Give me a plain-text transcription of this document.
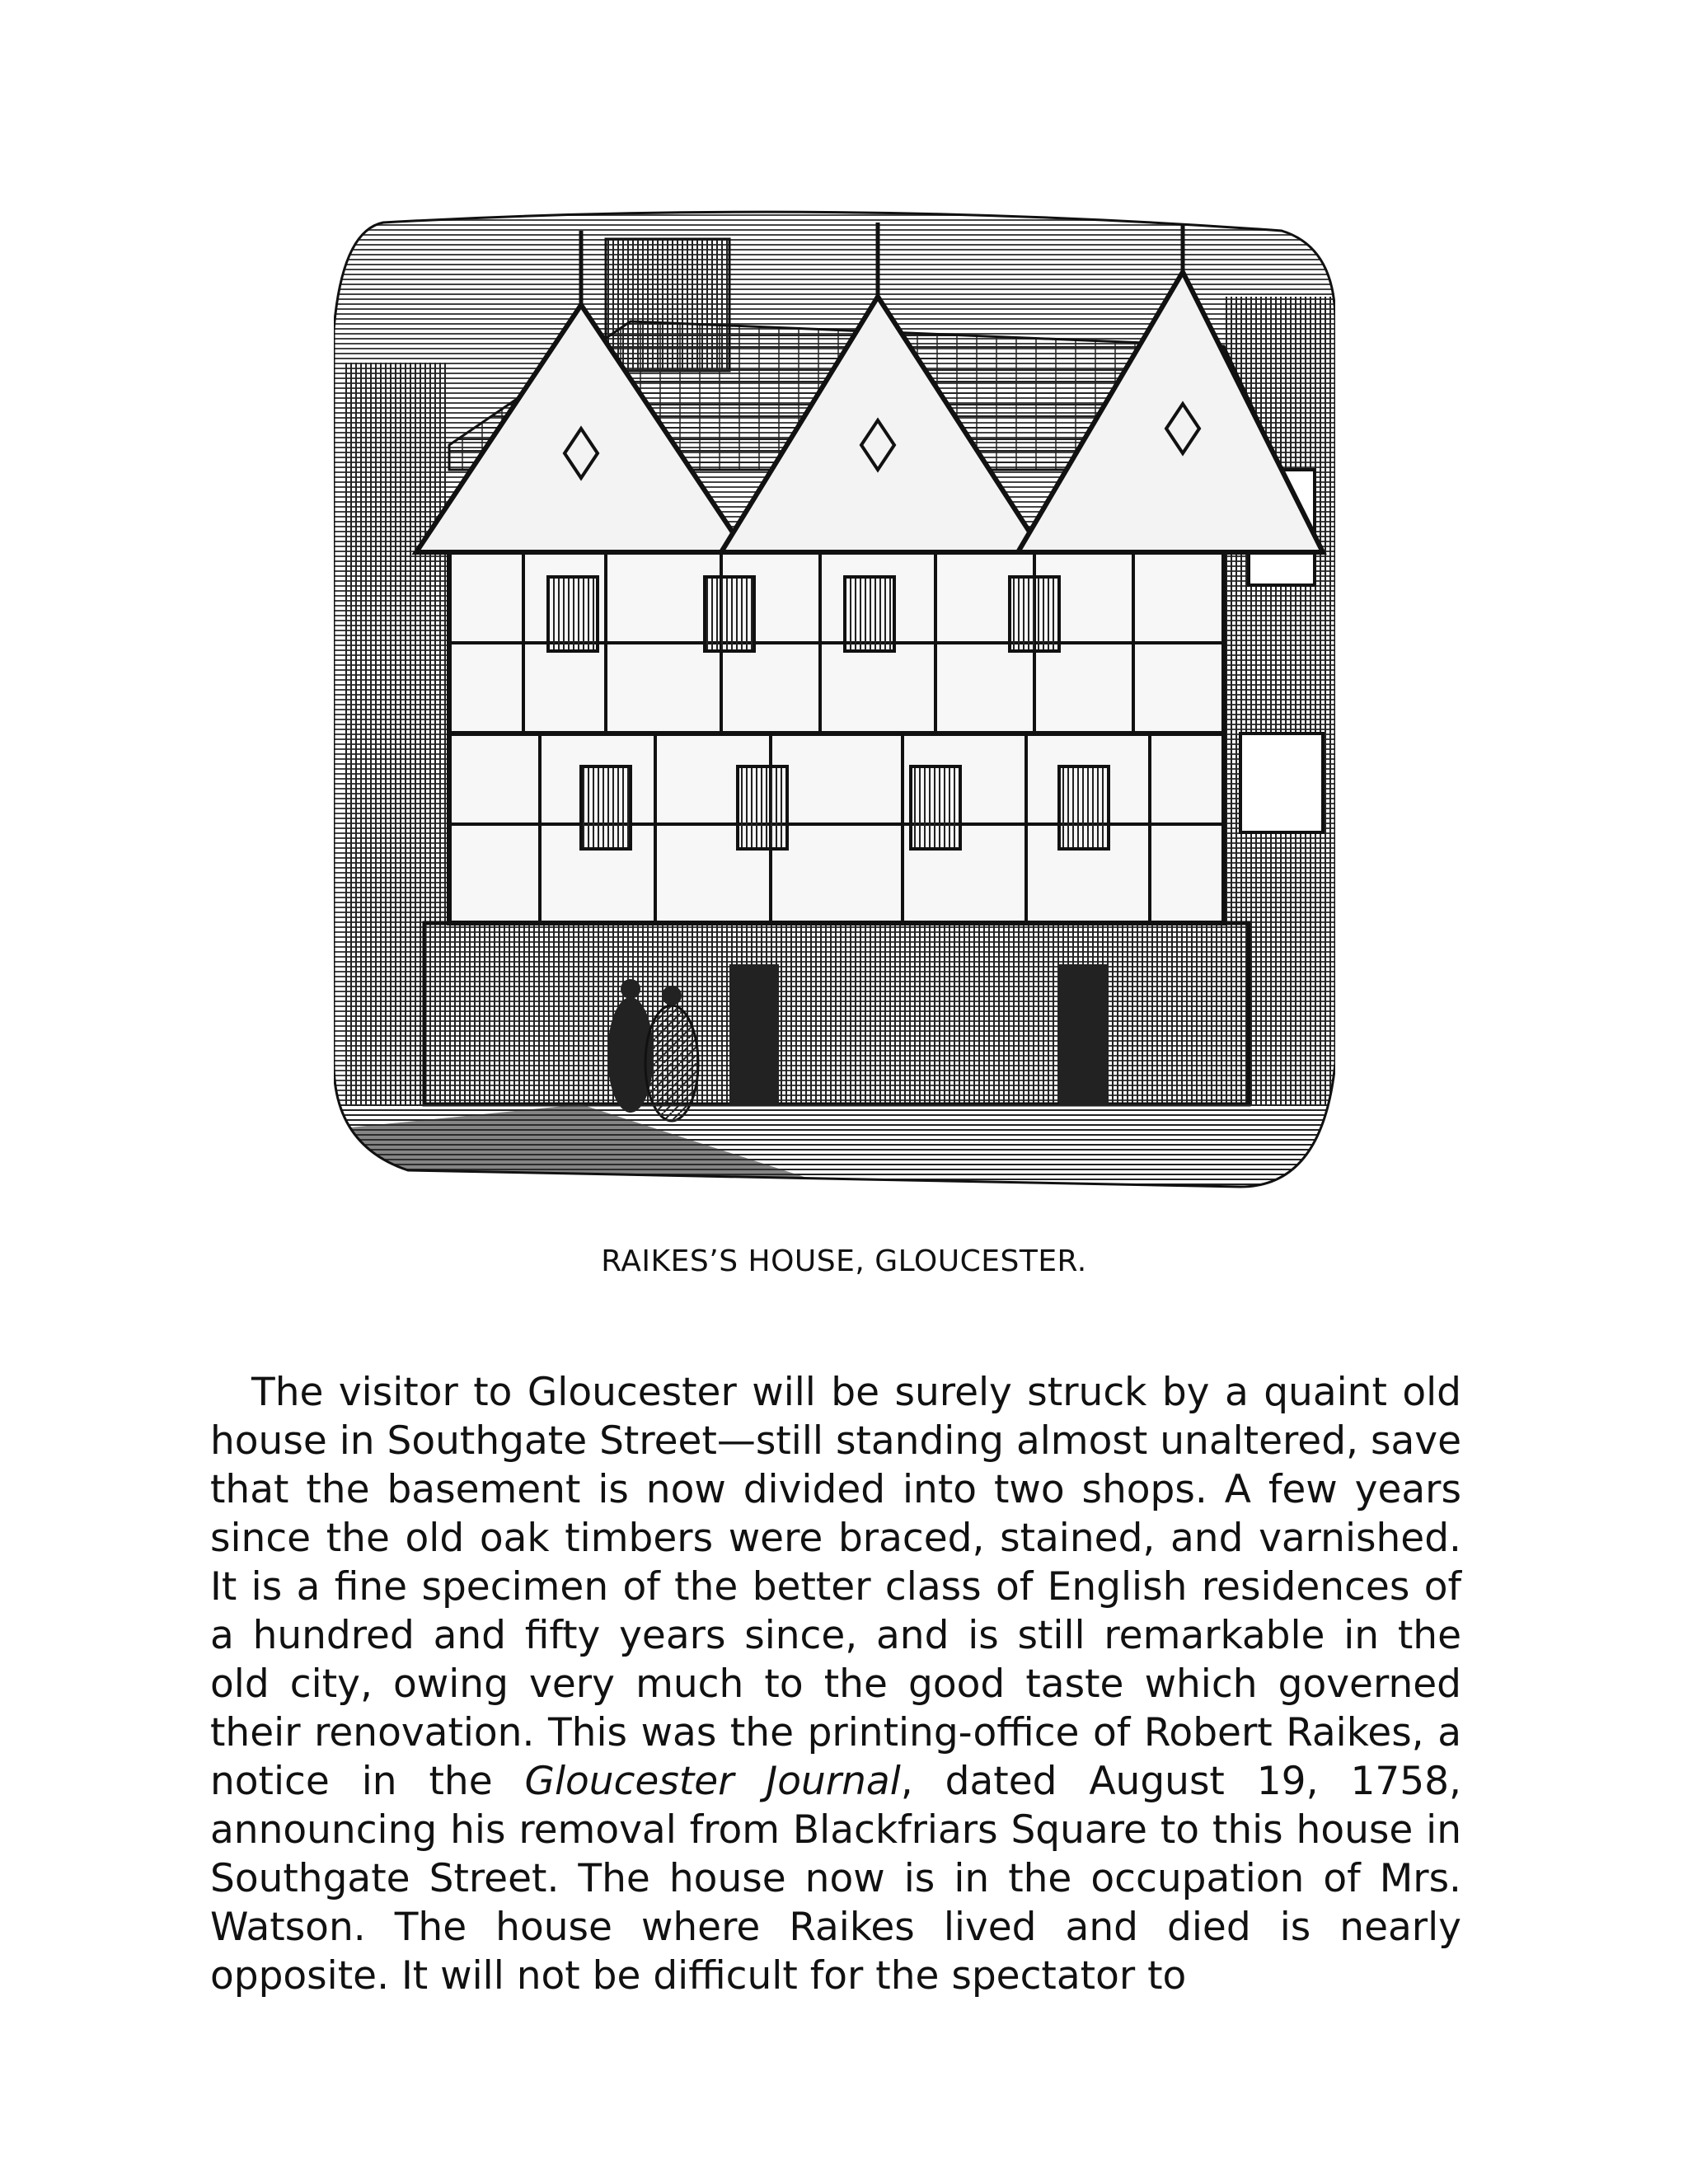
RAIKES’S HOUSE, GLOUCESTER.

The visitor to Gloucester will be surely struck by a quaint old house in Southgate Street—still standing almost unaltered, save that the basement is now divided into two shops. A few years since the old oak timbers were braced, stained, and varnished. It is a fine specimen of the better class of English residences of a hundred and fifty years since, and is still remarkable in the old city, owing very much to the good taste which governed their renovation. This was the printing-office of Robert Raikes, a notice in the Gloucester Journal, dated August 19, 1758, announcing his removal from Blackfriars Square to this house in Southgate Street. The house now is in the occupation of Mrs. Watson. The house where Raikes lived and died is nearly opposite. It will not be difficult for the spectator to
